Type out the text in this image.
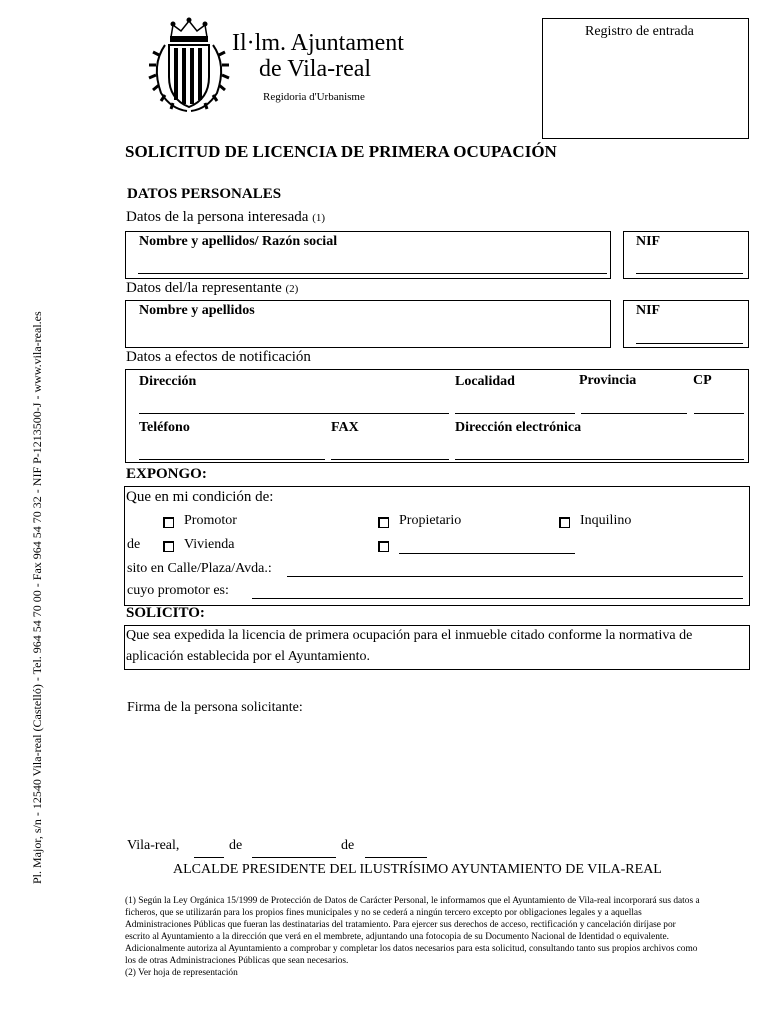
Il·lm. Ajuntament
de Vila-real
Regidoria d'Urbanisme
Registro de entrada
Pl. Major, s/n - 12540 Vila-real (Castelló) - Tel. 964 54 70 00 - Fax 964 54 70 32 - NIF P-1213500-J - www.vila-real.es
SOLICITUD DE LICENCIA DE PRIMERA OCUPACIÓN
DATOS PERSONALES
Datos de la persona interesada (1)
Nombre y apellidos/ Razón social	NIF
Datos del/la representante (2)
Nombre y apellidos	NIF
Datos a efectos de notificación
Dirección	Localidad	Provincia	CP
Teléfono	FAX	Dirección electrónica
EXPONGO:
Que en mi condición de:
Promotor	Propietario	Inquilino
de	Vivienda
sito en Calle/Plaza/Avda.:
cuyo promotor es:
SOLICITO:
Que sea expedida la licencia de primera ocupación para el inmueble citado conforme la normativa de
aplicación establecida por el Ayuntamiento.
Firma de la persona solicitante:
Vila-real,	de	de
ALCALDE PRESIDENTE DEL ILUSTRÍSIMO AYUNTAMIENTO DE VILA-REAL
(1) Según la Ley Orgánica 15/1999 de Protección de Datos de Carácter Personal, le informamos que el Ayuntamiento de Vila-real incorporará sus datos a
ficheros, que se utilizarán para los propios fines municipales y no se cederá a ningún tercero excepto por obligaciones legales y a aquellas
Administraciones Públicas que fueran las destinatarias del tratamiento. Para ejercer sus derechos de acceso, rectificación y cancelación diríjase por
escrito al Ayuntamiento a la dirección que verá en el membrete, adjuntando una fotocopia de su Documento Nacional de Identidad o equivalente.
Adicionalmente autoriza al Ayuntamiento a comprobar y completar los datos necesarios para esta solicitud, consultando tanto sus propios archivos como
los de otras Administraciones Públicas que sean necesarios.
(2) Ver hoja de representación
